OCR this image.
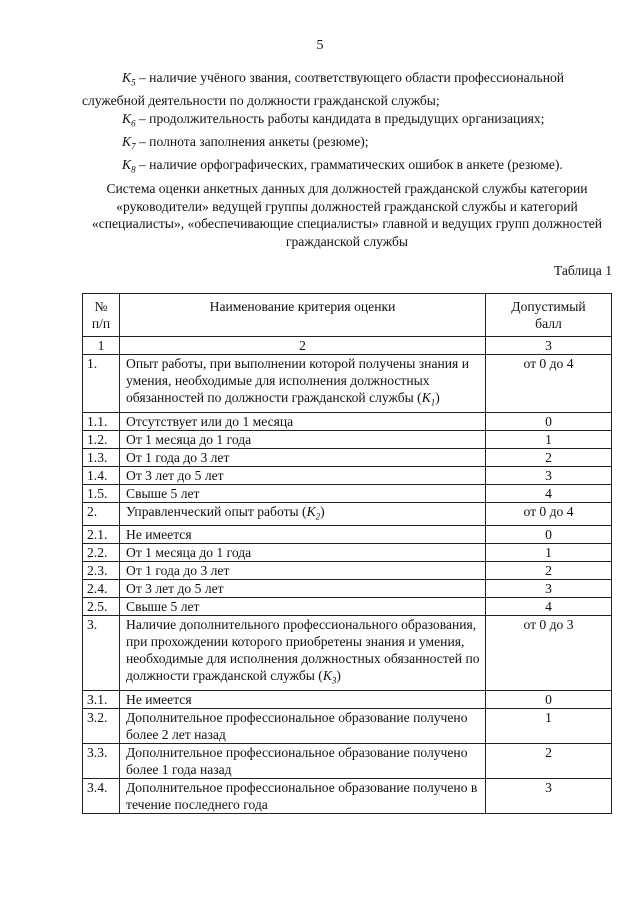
5

$K_5$ – наличие учёного звания, соответствующего области профессиональной служебной деятельности по должности гражданской службы;

$K_6$ – продолжительность работы кандидата в предыдущих организациях;

$K_7$ – полнота заполнения анкеты (резюме);

$K_8$ – наличие орфографических, грамматических ошибок в анкете (резюме).

Система оценки анкетных данных для должностей гражданской службы категории «руководители» ведущей группы должностей гражданской службы и категорий «специалисты», «обеспечивающие специалисты» главной и ведущих групп должностей гражданской службы
Таблица 1
№ п/п	Наименование критерия оценки	Допустимый балл
1	2	3
1.	Опыт работы, при выполнении которой получены знания и умения, необходимые для исполнения должностных обязанностей по должности гражданской службы $(K_1)$	от 0 до 4
1.1.	Отсутствует или до 1 месяца	0
1.2.	От 1 месяца до 1 года	1
1.3.	От 1 года до 3 лет	2
1.4.	От 3 лет до 5 лет	3
1.5.	Свыше 5 лет	4
2.	Управленческий опыт работы $(K_2)$	от 0 до 4
2.1.	Не имеется	0
2.2.	От 1 месяца до 1 года	1
2.3.	От 1 года до 3 лет	2
2.4.	От 3 лет до 5 лет	3
2.5.	Свыше 5 лет	4
3.	Наличие дополнительного профессионального образования, при прохождении которого приобретены знания и умения, необходимые для исполнения должностных обязанностей по должности гражданской службы $(K_3)$	от 0 до 3
3.1.	Не имеется	0
3.2.	Дополнительное профессиональное образование получено более 2 лет назад	1
3.3.	Дополнительное профессиональное образование получено более 1 года назад	2
3.4.	Дополнительное профессиональное образование получено в течение последнего года	3
